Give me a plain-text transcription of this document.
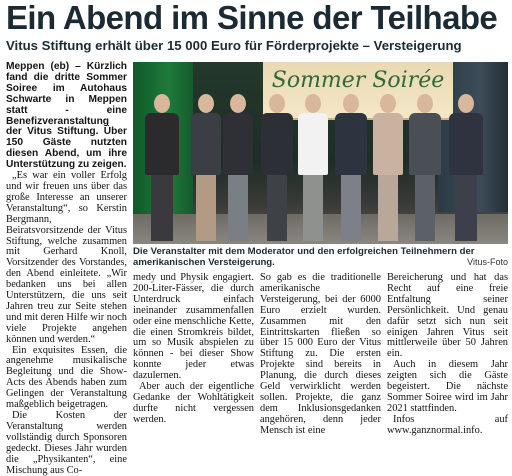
Ein Abend im Sinne der Teilhabe
Vitus Stiftung erhält über 15 000 Euro für Förderprojekte – Versteigerung

Meppen (eb) – Kürzlich fand die dritte Sommer Soiree im Autohaus Schwarte in Meppen statt - eine Benefizveranstaltung der Vitus Stiftung. Über 150 Gäste nutzten diesen Abend, um ihre Unterstützung zu zeigen.

„Es war ein voller Erfolg und wir freuen uns über das große Interesse an unserer Veranstaltung“, so Kerstin Bergmann, Beiratsvorsitzende der Vitus Stiftung, welche zusammen mit Gerhard Knoll, Vorsitzender des Vorstandes, den Abend einleitete. „Wir bedanken uns bei allen Unterstützern, die uns seit Jahren treu zur Seite stehen und mit deren Hilfe wir noch viele Projekte angehen können und werden.“

Ein exquisites Essen, die angenehme musikalische Begleitung und die Show-Acts des Abends haben zum Gelingen der Veranstaltung maßgeblich beigetragen.

Die Kosten der Veranstaltung werden vollständig durch Sponsoren gedeckt. Dieses Jahr wurden die „Physikanten“, eine Mischung aus Co-

Sommer Soirée
Die Veranstalter mit dem Moderator und den erfolgreichen Teilnehmern der amerikanischen Versteigerung.	Vitus-Foto

medy und Physik engagiert. 200-Liter-Fässer, die durch Unterdruck einfach ineinander zusammenfallen oder eine menschliche Kette, die einen Stromkreis bildet, um so Musik abspielen zu können - bei dieser Show konnte jeder etwas dazulernen.

Aber auch der eigentliche Gedanke der Wohltätigkeit durfte nicht vergessen werden.

So gab es die traditionelle amerikanische Versteigerung, bei der 6000 Euro erzielt wurden. Zusammen mit den Eintrittskarten fließen so über 15 000 Euro der Vitus Stiftung zu. Die ersten Projekte sind bereits in Planung, die durch dieses Geld verwirklicht werden sollen. Projekte, die ganz dem Inklusionsgedanken angehören, denn jeder Mensch ist eine

Bereicherung und hat das Recht auf eine freie Entfaltung seiner Persönlichkeit. Und genau dafür setzt sich nun seit einigen Jahren Vitus seit mittlerweile über 50 Jahren ein.

Auch in diesem Jahr zeigten sich die Gäste begeistert. Die nächste Sommer Soiree wird im Jahr 2021 stattfinden.

Infos auf www.ganznormal.info.
